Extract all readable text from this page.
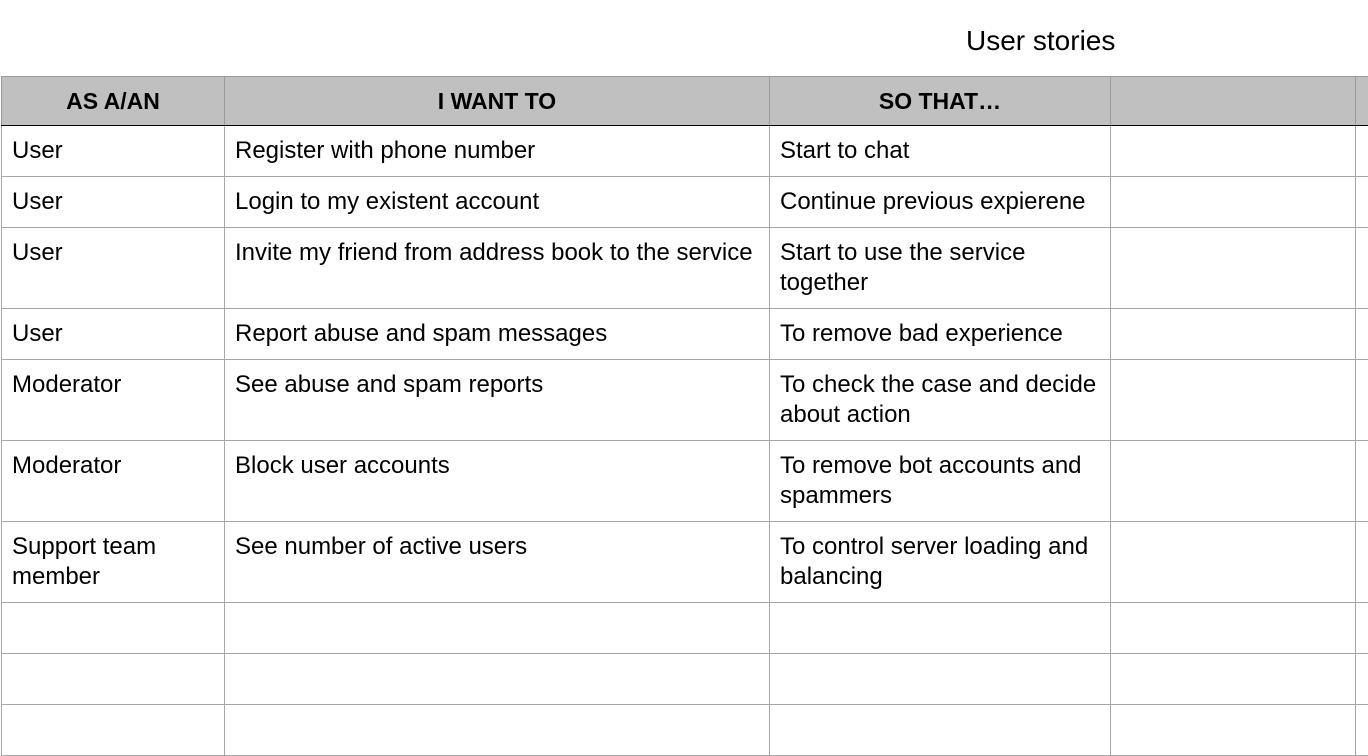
User stories
AS A/AN	I WANT TO	SO THAT…		
User	Register with phone number	Start to chat		
User	Login to my existent account	Continue previous expierene		
User	Invite my friend from address book to the service	Start to use the service together		
User	Report abuse and spam messages	To remove bad experience		
Moderator	See abuse and spam reports	To check the case and decide about action		
Moderator	Block user accounts	To remove bot accounts and spammers		
Support team member	See number of active users	To control server loading and balancing		
